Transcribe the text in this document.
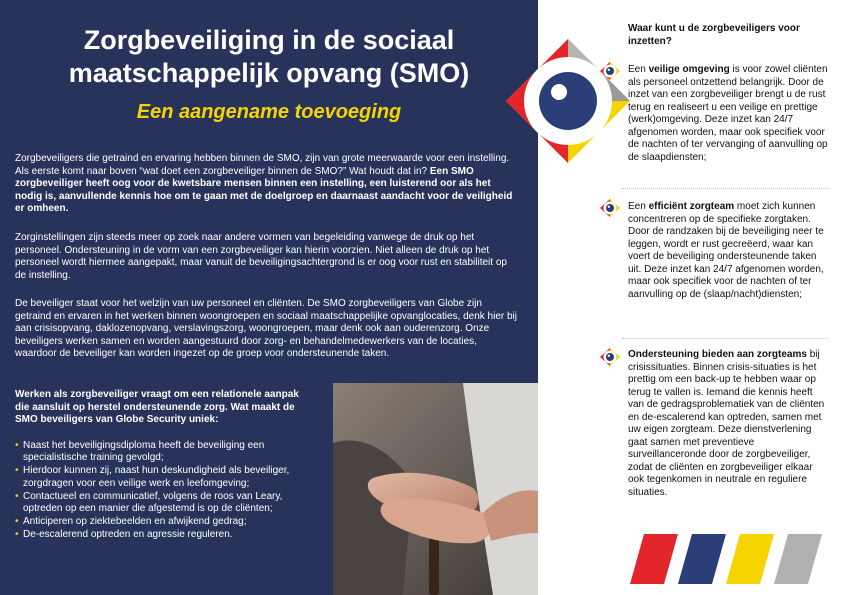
Zorgbeveiliging in de sociaal maatschappelijk opvang (SMO)
Een aangename toevoeging

Zorgbeveiligers die getraind en ervaring hebben binnen de SMO, zijn van grote meerwaarde voor een instelling. Als eerste komt naar boven “wat doet een zorgbeveiliger binnen de SMO?” Wat houdt dat in? Een SMO zorgbeveiliger heeft oog voor de kwetsbare mensen binnen een instelling, een luisterend oor als het nodig is, aanvullende kennis hoe om te gaan met de doelgroep en daarnaast aandacht voor de veiligheid er omheen.

Zorginstellingen zijn steeds meer op zoek naar andere vormen van begeleiding vanwege de druk op het personeel. Ondersteuning in de vorm van een zorgbeveiliger kan hierin voorzien. Niet alleen de druk op het personeel wordt hiermee aangepakt, maar vanuit de beveiligingsachtergrond is er oog voor rust en stabiliteit op de instelling.

De beveiliger staat voor het welzijn van uw personeel en cliënten. De SMO zorgbeveiligers van Globe zijn getraind en ervaren in het werken binnen woongroepen en sociaal maatschappelijke opvanglocaties, denk hier bij aan crisisopvang, daklozenopvang, verslavingszorg, woongroepen, maar denk ook aan ouderenzorg. Onze beveiligers werken samen en worden aangestuurd door zorg- en behandelmedewerkers van de locaties, waardoor de beveiliger kan worden ingezet op de groep voor ondersteunende taken.

Werken als zorgbeveiliger vraagt om een relationele aanpak die aansluit op herstel ondersteunende zorg. Wat maakt de SMO beveiligers van Globe Security uniek:

• Naast het beveiligingsdiploma heeft de beveiliging een specialistische training gevolgd;
• Hierdoor kunnen zij, naast hun deskundigheid als beveiliger, zorgdragen voor een veilige werk en leefomgeving;
• Contactueel en communicatief, volgens de roos van Leary, optreden op een manier die afgestemd is op de cliënten;
• Anticiperen op ziektebeelden en afwijkend gedrag;
• De-escalerend optreden en agressie reguleren.

Waar kunt u de zorgbeveiligers voor inzetten?

Een veilige omgeving is voor zowel cliënten als personeel ontzettend belangrijk. Door de inzet van een zorgbeveiliger brengt u de rust terug en realiseert u een veilige en prettige (werk)omgeving. Deze inzet kan 24/7 afgenomen worden, maar ook specifiek voor de nachten of ter vervanging of aanvulling op de slaapdiensten;

Een efficiënt zorgteam moet zich kunnen concentreren op de specifieke zorgtaken. Door de randzaken bij de beveiliging neer te leggen, wordt er rust gecreëerd, waar kan voert de beveiliging ondersteunende taken uit. Deze inzet kan 24/7 afgenomen worden, maar ook specifiek voor de nachten of ter aanvulling op de (slaap/nacht)diensten;

Ondersteuning bieden aan zorgteams bij crisissituaties. Binnen crisis-situaties is het prettig om een back-up te hebben waar op terug te vallen is. Iemand die kennis heeft van de gedragsproblematiek van de cliënten en de-escalerend kan optreden, samen met uw eigen zorgteam. Deze dienstverlening gaat samen met preventieve surveillanceronde door de zorgbeveiliger, zodat de cliënten en zorgbeveiliger elkaar ook tegenkomen in neutrale en reguliere situaties.
